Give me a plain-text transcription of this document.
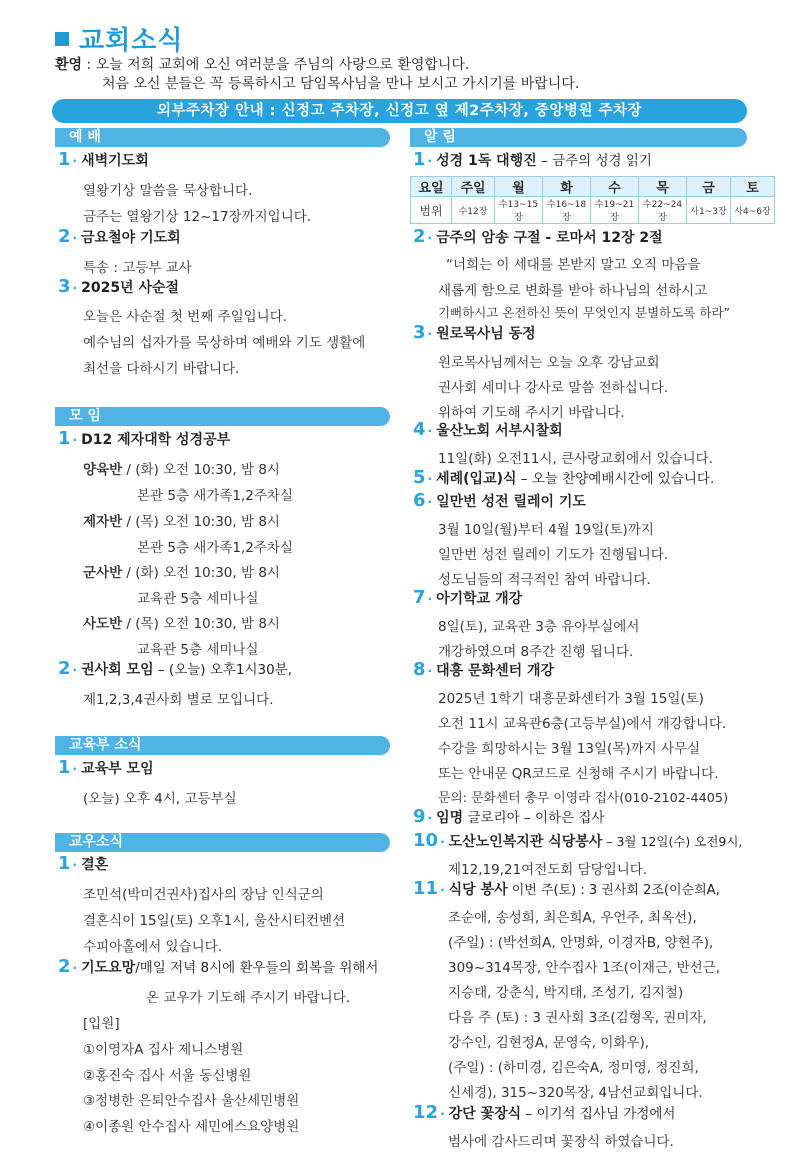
교회소식
환영 : 오늘 저희 교회에 오신 여러분을 주님의 사랑으로 환영합니다.
처음 오신 분들은 꼭 등록하시고 담임목사님을 만나 보시고 가시기를 바랍니다.
외부주차장 안내 : 신정고 주차장, 신정고 옆 제2주차장, 중앙병원 주차장
예 배
1 · 새벽기도회
열왕기상 말씀을 묵상합니다.
금주는 열왕기상 12~17장까지입니다.
2 · 금요철야 기도회
특송 : 고등부 교사
3 · 2025년 사순절
오늘은 사순절 첫 번째 주일입니다.
예수님의 십자가를 묵상하며 예배와 기도 생활에
최선을 다하시기 바랍니다.
모 임
1 · D12 제자대학 성경공부
양육반 / (화) 오전 10:30, 밤 8시
본관 5층 새가족1,2주차실
제자반 / (목) 오전 10:30, 밤 8시
본관 5층 새가족1,2주차실
군사반 / (화) 오전 10:30, 밤 8시
교육관 5층 세미나실
사도반 / (목) 오전 10:30, 밤 8시
교육관 5층 세미나실
2 · 권사회 모임 – (오늘) 오후1시30분,
제1,2,3,4권사회 별로 모입니다.
교육부 소식
1 · 교육부 모임
(오늘) 오후 4시, 고등부실
교우소식
1 · 결혼
조민석(박미건권사)집사의 장남 인식군의
결혼식이 15일(토) 오후1시, 울산시티컨벤션
수피아홀에서 있습니다.
2 · 기도요망/매일 저녁 8시에 환우들의 회복을 위해서
온 교우가 기도해 주시기 바랍니다.
[입원]
①이영자A 집사 제니스병원
②홍진숙 집사 서울 동신병원
③정병한 은퇴안수집사 울산세민병원
④이종원 안수집사 세민에스요양병원
알 림
1 · 성경 1독 대행진 – 금주의 성경 읽기
요일	주일	월	화	수	목	금	토
범위	수12장	수13~15장	수16~18장	수19~21장	수22~24장	사1~3장	사4~6장
2 · 금주의 암송 구절 - 로마서 12장 2절
“너희는 이 세대를 본받지 말고 오직 마음을
새롭게 함으로 변화를 받아 하나님의 선하시고
기뻐하시고 온전하신 뜻이 무엇인지 분별하도록 하라”
3 · 원로목사님 동정
원로목사님께서는 오늘 오후 강남교회
권사회 세미나 강사로 말씀 전하십니다.
위하여 기도해 주시기 바랍니다.
4 · 울산노회 서부시찰회
11일(화) 오전11시, 큰사랑교회에서 있습니다.
5 · 세례(입교)식 – 오늘 찬양예배시간에 있습니다.
6 · 일만번 성전 릴레이 기도
3월 10일(월)부터 4월 19일(토)까지
일만번 성전 릴레이 기도가 진행됩니다.
성도님들의 적극적인 참여 바랍니다.
7 · 아기학교 개강
8일(토), 교육관 3층 유아부실에서
개강하였으며 8주간 진행 됩니다.
8 · 대흥 문화센터 개강
2025년 1학기 대흥문화센터가 3월 15일(토)
오전 11시 교육관6층(고등부실)에서 개강합니다.
수강을 희망하시는 3월 13일(목)까지 사무실
또는 안내문 QR코드로 신청해 주시기 바랍니다.
문의: 문화센터 총무 이영라 집사(010-2102-4405)
9 · 임명 글로리아 – 이하은 집사
10 · 도산노인복지관 식당봉사 – 3월 12일(수) 오전9시,
제12,19,21여전도회 담당입니다.
11 · 식당 봉사 이번 주(토) : 3 권사회 2조(이순희A,
조순애, 송성희, 최은희A, 우언주, 최옥선),
(주일) : (박선희A, 안명화, 이경자B, 양현주),
309~314목장, 안수집사 1조(이재근, 반선근,
지승태, 강춘식, 박지태, 조성기, 김지철)
다음 주 (토) : 3 권사회 3조(김형옥, 권미자,
강수인, 김현정A, 문영숙, 이화우),
(주일) : (하미경, 김은숙A, 정미영, 정진희,
신세경), 315~320목장, 4남선교회입니다.
12 · 강단 꽃장식 – 이기석 집사님 가정에서
범사에 감사드리며 꽃장식 하였습니다.
